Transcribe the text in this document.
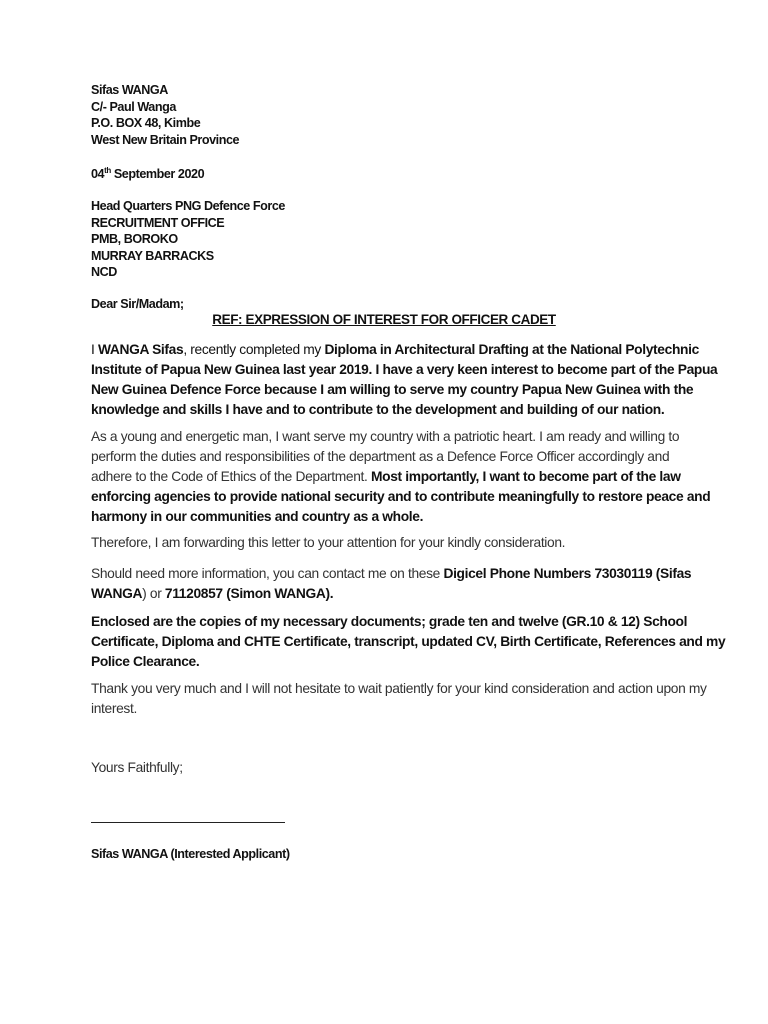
Sifas WANGA
C/- Paul Wanga
P.O. BOX 48, Kimbe
West New Britain Province
04th September 2020
Head Quarters PNG Defence Force
RECRUITMENT OFFICE
PMB, BOROKO
MURRAY BARRACKS
NCD
Dear Sir/Madam;
REF: EXPRESSION OF INTEREST FOR OFFICER CADET
I WANGA Sifas, recently completed my Diploma in Architectural Drafting at the National Polytechnic
Institute of Papua New Guinea last year 2019. I have a very keen interest to become part of the Papua
New Guinea Defence Force because I am willing to serve my country Papua New Guinea with the
knowledge and skills I have and to contribute to the development and building of our nation.
As a young and energetic man, I want serve my country with a patriotic heart. I am ready and willing to
perform the duties and responsibilities of the department as a Defence Force Officer accordingly and
adhere to the Code of Ethics of the Department. Most importantly, I want to become part of the law
enforcing agencies to provide national security and to contribute meaningfully to restore peace and
harmony in our communities and country as a whole.
Therefore, I am forwarding this letter to your attention for your kindly consideration.
Should need more information, you can contact me on these Digicel Phone Numbers 73030119 (Sifas
WANGA) or 71120857 (Simon WANGA).
Enclosed are the copies of my necessary documents; grade ten and twelve (GR.10 & 12) School
Certificate, Diploma and CHTE Certificate, transcript, updated CV, Birth Certificate, References and my
Police Clearance.
Thank you very much and I will not hesitate to wait patiently for your kind consideration and action upon my
interest.
Yours Faithfully;
Sifas WANGA (Interested Applicant)
